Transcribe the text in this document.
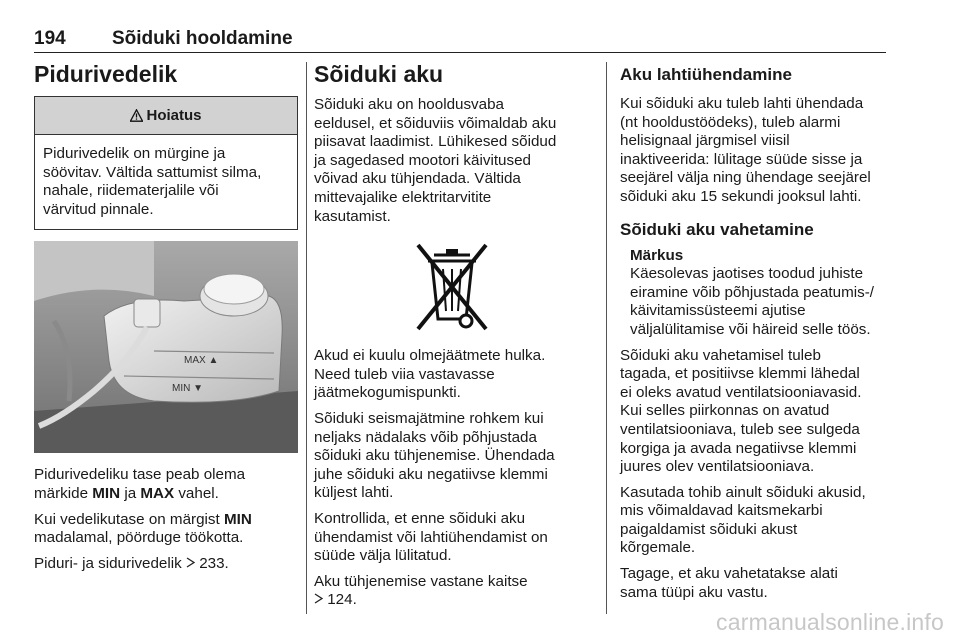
194 Sõiduki hooldamine
Pidurivedelik
Hoiatus

Pidurivedelik on mürgine ja
söövitav. Vältida sattumist silma,
nahale, riidematerjalile või
värvitud pinnale.

MAX ▲
MIN ▼

Pidurivedeliku tase peab olema
märkide MIN ja MAX vahel.

Kui vedelikutase on märgist MIN
madalamal, pöörduge töökotta.

Piduri- ja sidurivedelik 233.

Sõiduki aku

Sõiduki aku on hooldusvaba
eeldusel, et sõiduviis võimaldab aku
piisavat laadimist. Lühikesed sõidud
ja sagedased mootori käivitused
võivad aku tühjendada. Vältida
mittevajalike elektritarvitite
kasutamist.

Akud ei kuulu olmejäätmete hulka.
Need tuleb viia vastavasse
jäätmekogumispunkti.

Sõiduki seismajätmine rohkem kui
neljaks nädalaks võib põhjustada
sõiduki aku tühjenemise. Ühendada
juhe sõiduki aku negatiivse klemmi
küljest lahti.

Kontrollida, et enne sõiduki aku
ühendamist või lahtiühendamist on
süüde välja lülitatud.

Aku tühjenemise vastane kaitse
124.

Aku lahtiühendamine

Kui sõiduki aku tuleb lahti ühendada
(nt hooldustöödeks), tuleb alarmi
helisignaal järgmisel viisil
inaktiveerida: lülitage süüde sisse ja
seejärel välja ning ühendage seejärel
sõiduki aku 15 sekundi jooksul lahti.

Sõiduki aku vahetamine
Märkus

Käesolevas jaotises toodud juhiste
eiramine võib põhjustada peatumis-/
käivitamissüsteemi ajutise
väljalülitamise või häireid selle töös.

Sõiduki aku vahetamisel tuleb
tagada, et positiivse klemmi lähedal
ei oleks avatud ventilatsiooniavasid.
Kui selles piirkonnas on avatud
ventilatsiooniava, tuleb see sulgeda
korgiga ja avada negatiivse klemmi
juures olev ventilatsiooniava.

Kasutada tohib ainult sõiduki akusid,
mis võimaldavad kaitsmekarbi
paigaldamist sõiduki akust
kõrgemale.

Tagage, et aku vahetatakse alati
sama tüüpi aku vastu.

carmanualsonline.info
